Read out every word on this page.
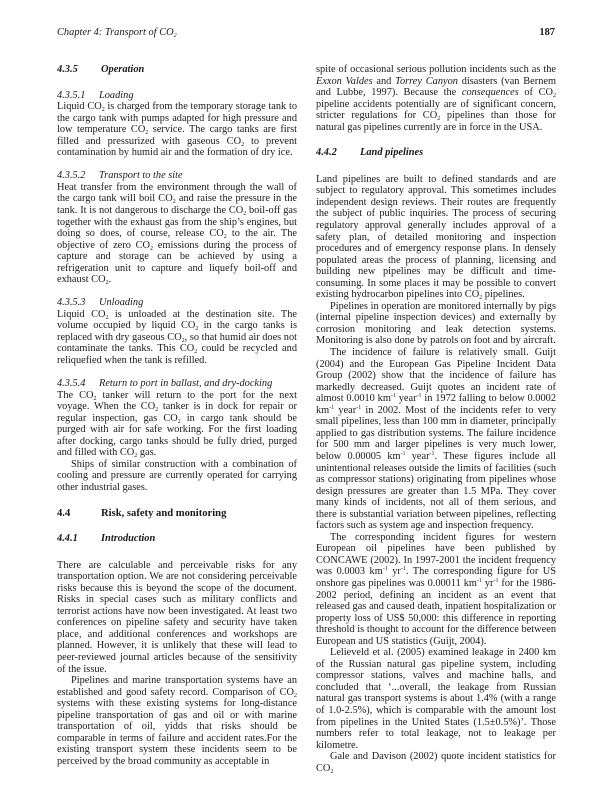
Chapter 4: Transport of $CO_2$	187
4.3.5 Operation
4.3.5.1 Loading

Liquid $CO_2$ is charged from the temporary storage tank to the cargo tank with pumps adapted for high pressure and low temperature $CO_2$ service. The cargo tanks are first filled and pressurized with gaseous $CO_2$ to prevent contamination by humid air and the formation of dry ice.

4.3.5.2 Transport to the site

Heat transfer from the environment through the wall of the cargo tank will boil $CO_2$ and raise the pressure in the tank. It is not dangerous to discharge the $CO_2$ boil-off gas together with the exhaust gas from the ship’s engines, but doing so does, of course, release $CO_2$ to the air. The objective of zero $CO_2$ emissions during the process of capture and storage can be achieved by using a refrigeration unit to capture and liquefy boil-off and exhaust $CO_2$.

4.3.5.3 Unloading

Liquid $CO_2$ is unloaded at the destination site. The volume occupied by liquid $CO_2$ in the cargo tanks is replaced with dry gaseous $CO_2$, so that humid air does not contaminate the tanks. This $CO_2$ could be recycled and reliquefied when the tank is refilled.

4.3.5.4 Return to port in ballast, and dry-docking

The $CO_2$ tanker will return to the port for the next voyage. When the $CO_2$ tanker is in dock for repair or regular inspection, gas $CO_2$ in cargo tank should be purged with air for safe working. For the first loading after docking, cargo tanks should be fully dried, purged and filled with $CO_2$ gas.

Ships of similar construction with a combination of cooling and pressure are currently operated for carrying other industrial gases.

4.4	Risk, safety and monitoring
4.4.1 Introduction

There are calculable and perceivable risks for any transportation option. We are not considering perceivable risks because this is beyond the scope of the document. Risks in special cases such as military conflicts and terrorist actions have now been investigated. At least two conferences on pipeline safety and security have taken place, and additional conferences and workshops are planned. However, it is unlikely that these will lead to peer-reviewed journal articles because of the sensitivity of the issue.

Pipelines and marine transportation systems have an established and good safety record. Comparison of $CO_2$ systems with these existing systems for long-distance pipeline transportation of gas and oil or with marine transportation of oil, yidds that risks should be comparable in terms of failure and accident rates.For the existing transport system these incidents seem to be perceived by the broad community as acceptable in

spite of occasional serious pollution incidents such as the Exxon Valdes and Torrey Canyon disasters (van Bernem and Lubbe, 1997). Because the consequences of $CO_2$ pipeline accidents potentially are of significant concern, stricter regulations for $CO_2$ pipelines than those for natural gas pipelines currently are in force in the USA.

4.4.2 Land pipelines

Land pipelines are built to defined standards and are subject to regulatory approval. This sometimes includes independent design reviews. Their routes are frequently the subject of public inquiries. The process of securing regulatory approval generally includes approval of a safety plan, of detailed monitoring and inspection procedures and of emergency response plans. In densely populated areas the process of planning, licensing and building new pipelines may be difficult and time-consuming. In some places it may be possible to convert existing hydrocarbon pipelines into $CO_2$ pipelines.

Pipelines in operation are monitored internally by pigs (internal pipeline inspection devices) and externally by corrosion monitoring and leak detection systems. Monitoring is also done by patrols on foot and by aircraft.

The incidence of failure is relatively small. Guijt (2004) and the European Gas Pipeline Incident Data Group (2002) show that the incidence of failure has markedly decreased. Guijt quotes an incident rate of almost 0.0010 $km^{-1}$ year$^{-1}$ in 1972 falling to below 0.0002 $km^{-1}$ year$^{-1}$ in 2002. Most of the incidents refer to very small pipelines, less than 100 mm in diameter, principally applied to gas distribution systems. The failure incidence for 500 mm and larger pipelines is very much lower, below 0.00005 $km^{-1}$ year$^{-1}$. These figures include all unintentional releases outside the limits of facilities (such as compressor stations) originating from pipelines whose design pressures are greater than 1.5 MPa. They cover many kinds of incidents, not all of them serious, and there is substantial variation between pipelines, reflecting factors such as system age and inspection frequency.

The corresponding incident figures for western European oil pipelines have been published by CONCAWE (2002). In 1997-2001 the incident frequency was 0.0003 $km^{-1}$ $yr^{-1}$. The corresponding figure for US onshore gas pipelines was 0.00011 $km^{-1}$ $yr^{-1}$ for the 1986-2002 period, defining an incident as an event that released gas and caused death, inpatient hospitalization or property loss of US$ 50,000: this difference in reporting threshold is thought to account for the difference between European and US statistics (Guijt, 2004).

Lelieveld et al. (2005) examined leakage in 2400 km of the Russian natural gas pipeline system, including compressor stations, valves and machine halls, and concluded that ‘...overall, the leakage from Russian natural gas transport systems is about 1.4% (with a range of 1.0-2.5%), which is comparable with the amount lost from pipelines in the United States (1.5±0.5%)’. Those numbers refer to total leakage, not to leakage per kilometre.

Gale and Davison (2002) quote incident statistics for $CO_2$
